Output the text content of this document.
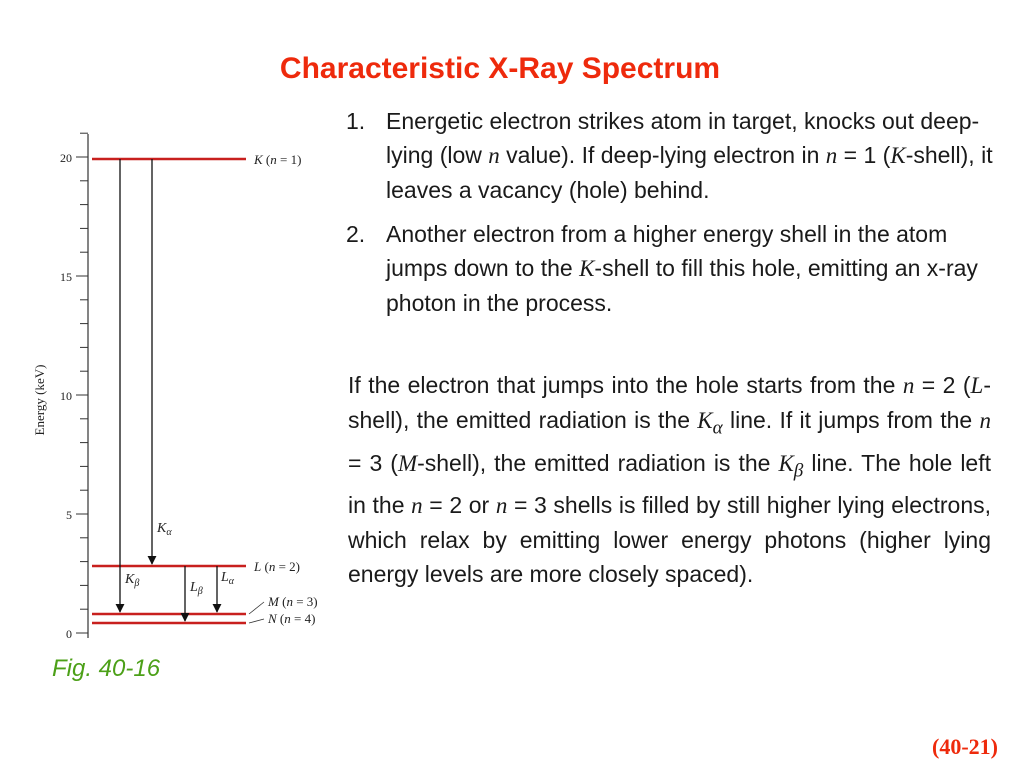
Characteristic X-Ray Spectrum
0
5
10
15
20
Energy (keV)
K (n = 1)
L (n = 2)
M (n = 3)
N (n = 4)
$K_\alpha$
$K_\beta$	$L_\beta$
$L_\alpha$
Fig. 40-16
1. Energetic electron strikes atom in target, knocks out deep-lying (low n value). If deep-lying electron in n = 1 (K-shell), it leaves a vacancy (hole) behind.
2. Another electron from a higher energy shell in the atom jumps down to the K-shell to fill this hole, emitting an x-ray photon in the process.
If the electron that jumps into the hole starts from the n = 2 (L-shell), the emitted radiation is the $K_\alpha$ line. If it jumps from the n = 3 (M-shell), the emitted radiation is the $K_\beta$ line. The hole left in the n = 2 or n = 3 shells is filled by still higher lying electrons, which relax by emitting lower energy photons (higher lying energy levels are more closely spaced).
(40-21)
